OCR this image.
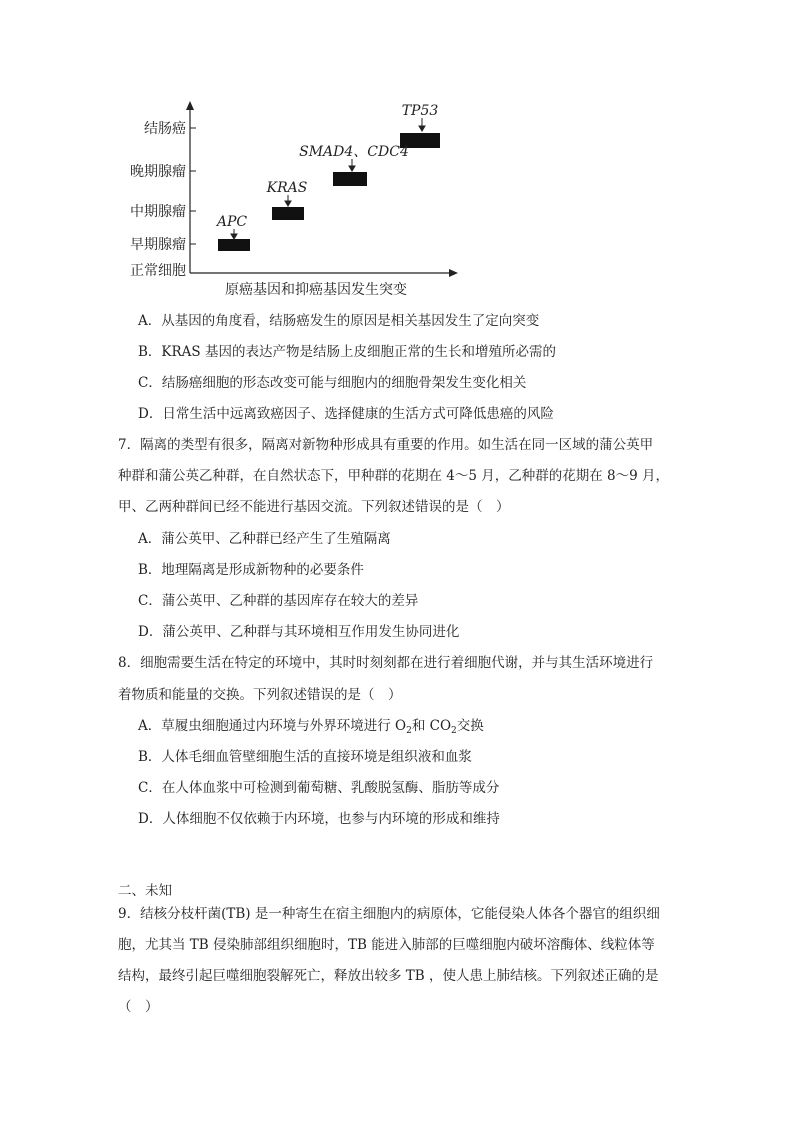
结肠癌
晚期腺瘤
中期腺瘤
早期腺瘤
正常细胞
原癌基因和抑癌基因发生突变
APC
KRAS
SMAD4、CDC4
TP53
A．从基因的角度看，结肠癌发生的原因是相关基因发生了定向突变
B．KRAS 基因的表达产物是结肠上皮细胞正常的生长和增殖所必需的
C．结肠癌细胞的形态改变可能与细胞内的细胞骨架发生变化相关
D．日常生活中远离致癌因子、选择健康的生活方式可降低患癌的风险
7．隔离的类型有很多，隔离对新物种形成具有重要的作用。如生活在同一区域的蒲公英甲
种群和蒲公英乙种群，在自然状态下，甲种群的花期在 4～5 月，乙种群的花期在 8～9 月，
甲、乙两种群间已经不能进行基因交流。下列叙述错误的是（　）
A．蒲公英甲、乙种群已经产生了生殖隔离
B．地理隔离是形成新物种的必要条件
C．蒲公英甲、乙种群的基因库存在较大的差异
D．蒲公英甲、乙种群与其环境相互作用发生协同进化
8．细胞需要生活在特定的环境中，其时时刻刻都在进行着细胞代谢，并与其生活环境进行
着物质和能量的交换。下列叙述错误的是（　）
A．草履虫细胞通过内环境与外界环境进行 $O_2$和 $CO_2$交换
B．人体毛细血管壁细胞生活的直接环境是组织液和血浆
C．在人体血浆中可检测到葡萄糖、乳酸脱氢酶、脂肪等成分
D．人体细胞不仅依赖于内环境，也参与内环境的形成和维持
二、未知
9．结核分枝杆菌(TB) 是一种寄生在宿主细胞内的病原体，它能侵染人体各个器官的组织细
胞，尤其当 TB 侵染肺部组织细胞时，TB 能进入肺部的巨噬细胞内破坏溶酶体、线粒体等
结构，最终引起巨噬细胞裂解死亡，释放出较多 TB ，使人患上肺结核。下列叙述正确的是
（　）
